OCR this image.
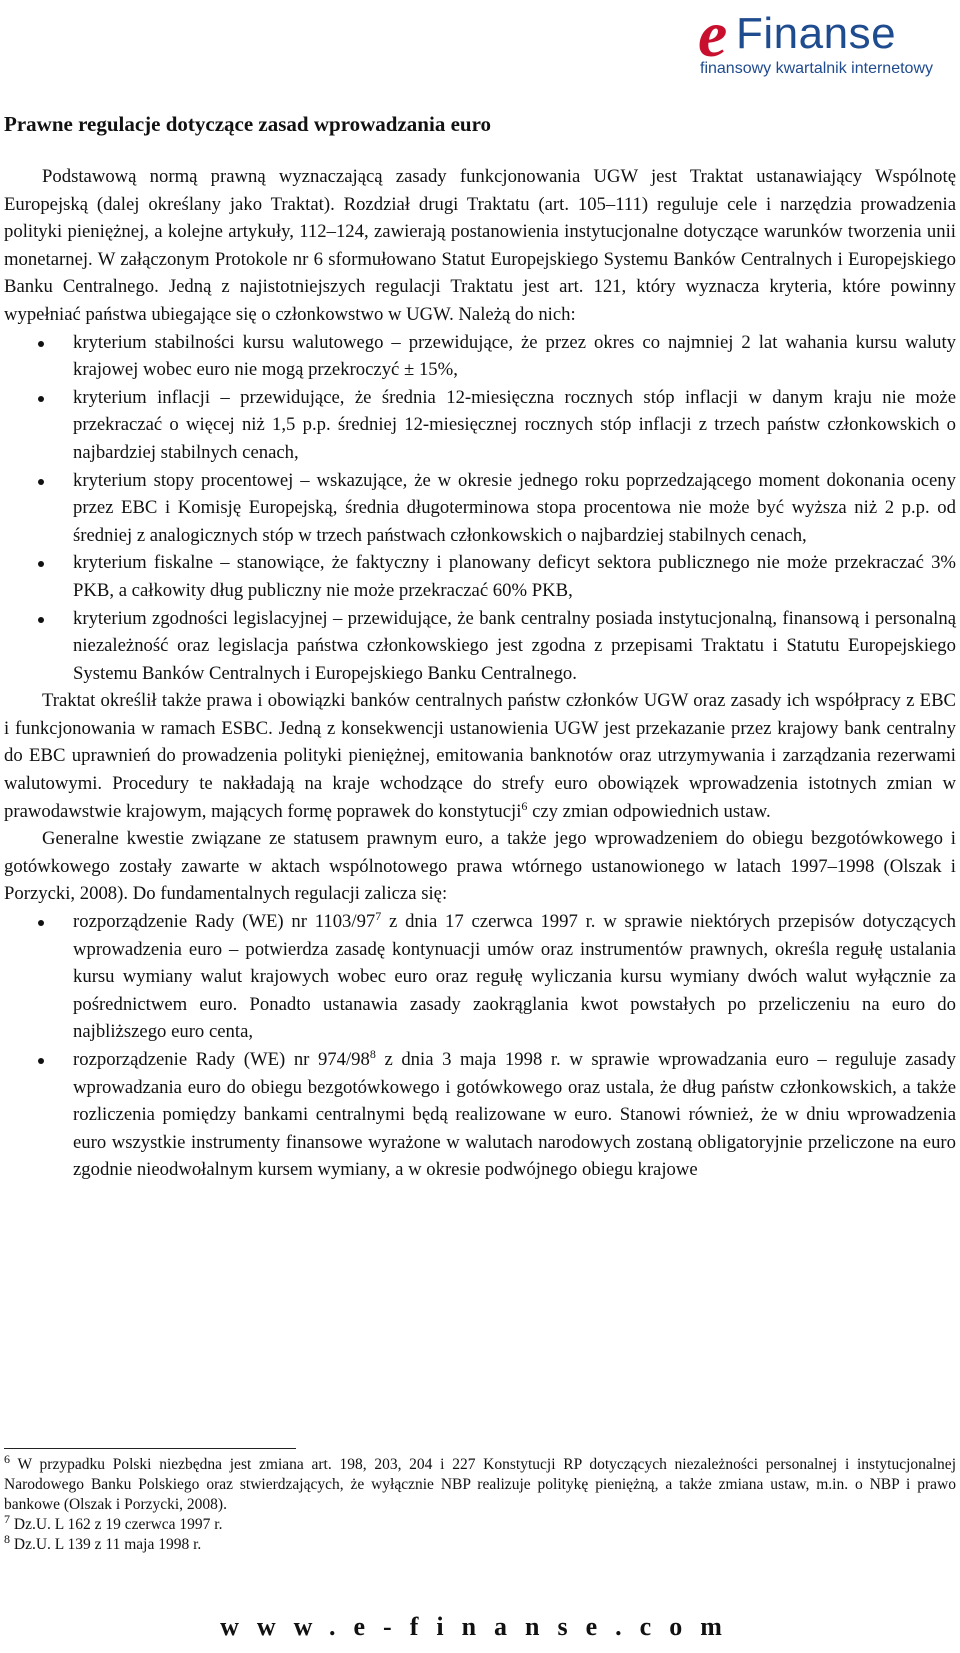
e Finanse
finansowy kwartalnik internetowy
Prawne regulacje dotyczące zasad wprowadzania euro

Podstawową normą prawną wyznaczającą zasady funkcjonowania UGW jest Traktat ustanawiający Wspólnotę Europejską (dalej określany jako Traktat). Rozdział drugi Traktatu (art. 105–111) reguluje cele i narzędzia prowadzenia polityki pieniężnej, a kolejne artykuły, 112–124, zawierają postanowienia instytucjonalne dotyczące warunków tworzenia unii monetarnej. W załączonym Protokole nr 6 sformułowano Statut Europejskiego Systemu Banków Centralnych i Europejskiego Banku Centralnego. Jedną z najistotniejszych regulacji Traktatu jest art. 121, który wyznacza kryteria, które powinny wypełniać państwa ubiegające się o członkowstwo w UGW. Należą do nich:

kryterium stabilności kursu walutowego – przewidujące, że przez okres co najmniej 2 lat wahania kursu waluty krajowej wobec euro nie mogą przekroczyć ± 15%,
kryterium inflacji – przewidujące, że średnia 12-miesięczna rocznych stóp inflacji w danym kraju nie może przekraczać o więcej niż 1,5 p.p. średniej 12-miesięcznej rocznych stóp inflacji z trzech państw członkowskich o najbardziej stabilnych cenach,
kryterium stopy procentowej – wskazujące, że w okresie jednego roku poprzedzającego moment dokonania oceny przez EBC i Komisję Europejską, średnia długoterminowa stopa procentowa nie może być wyższa niż 2 p.p. od średniej z analogicznych stóp w trzech państwach członkowskich o najbardziej stabilnych cenach,
kryterium fiskalne – stanowiące, że faktyczny i planowany deficyt sektora publicznego nie może przekraczać 3% PKB, a całkowity dług publiczny nie może przekraczać 60% PKB,
kryterium zgodności legislacyjnej – przewidujące, że bank centralny posiada instytucjonalną, finansową i personalną niezależność oraz legislacja państwa członkowskiego jest zgodna z przepisami Traktatu i Statutu Europejskiego Systemu Banków Centralnych i Europejskiego Banku Centralnego.

Traktat określił także prawa i obowiązki banków centralnych państw członków UGW oraz zasady ich współpracy z EBC i funkcjonowania w ramach ESBC. Jedną z konsekwencji ustanowienia UGW jest przekazanie przez krajowy bank centralny do EBC uprawnień do prowadzenia polityki pieniężnej, emitowania banknotów oraz utrzymywania i zarządzania rezerwami walutowymi. Procedury te nakładają na kraje wchodzące do strefy euro obowiązek wprowadzenia istotnych zmian w prawodawstwie krajowym, mających formę poprawek do konstytucji$^6$ czy zmian odpowiednich ustaw.

Generalne kwestie związane ze statusem prawnym euro, a także jego wprowadzeniem do obiegu bezgotówkowego i gotówkowego zostały zawarte w aktach wspólnotowego prawa wtórnego ustanowionego w latach 1997–1998 (Olszak i Porzycki, 2008). Do fundamentalnych regulacji zalicza się:

rozporządzenie Rady (WE) nr $1103/97^7$ z dnia 17 czerwca 1997 r. w sprawie niektórych przepisów dotyczących wprowadzenia euro – potwierdza zasadę kontynuacji umów oraz instrumentów prawnych, określa regułę ustalania kursu wymiany walut krajowych wobec euro oraz regułę wyliczania kursu wymiany dwóch walut wyłącznie za pośrednictwem euro. Ponadto ustanawia zasady zaokrąglania kwot powstałych po przeliczeniu na euro do najbliższego euro centa,
rozporządzenie Rady (WE) nr $974/98^8$ z dnia 3 maja 1998 r. w sprawie wprowadzania euro – reguluje zasady wprowadzania euro do obiegu bezgotówkowego i gotówkowego oraz ustala, że dług państw członkowskich, a także rozliczenia pomiędzy bankami centralnymi będą realizowane w euro. Stanowi również, że w dniu wprowadzenia euro wszystkie instrumenty finansowe wyrażone w walutach narodowych zostaną obligatoryjnie przeliczone na euro zgodnie nieodwołalnym kursem wymiany, a w okresie podwójnego obiegu krajowe

$^6$ W przypadku Polski niezbędna jest zmiana art. 198, 203, 204 i 227 Konstytucji RP dotyczących niezależności personalnej i instytucjonalnej Narodowego Banku Polskiego oraz stwierdzających, że wyłącznie NBP realizuje politykę pieniężną, a także zmiana ustaw, m.in. o NBP i prawo bankowe (Olszak i Porzycki, 2008).

$^7$ Dz.U. L 162 z 19 czerwca 1997 r.

$^8$ Dz.U. L 139 z 11 maja 1998 r.

www.e-finanse.com
